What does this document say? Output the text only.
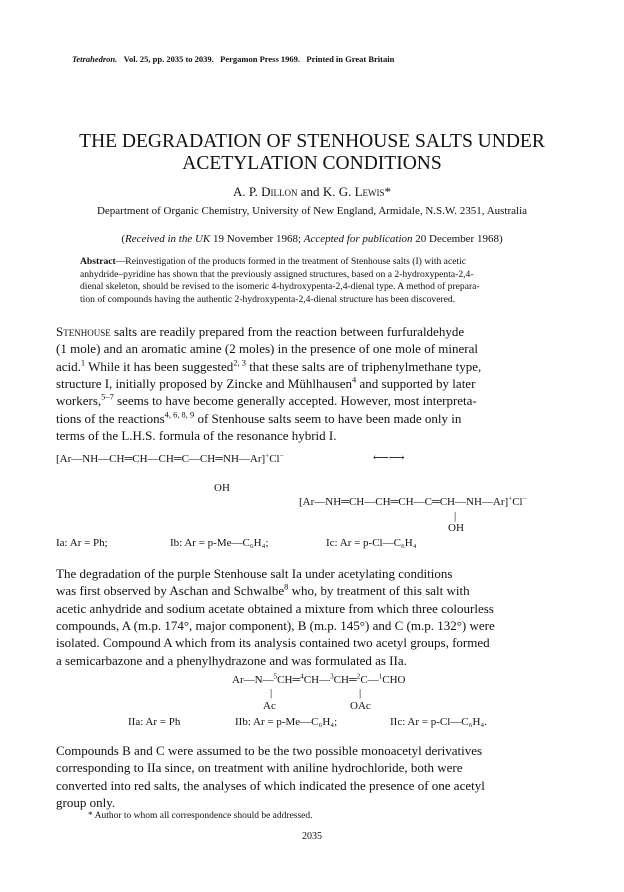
Tetrahedron. Vol. 25, pp. 2035 to 2039. Pergamon Press 1969. Printed in Great Britain
THE DEGRADATION OF STENHOUSE SALTS UNDER
ACETYLATION CONDITIONS
A. P. Dillon and K. G. Lewis*
Department of Organic Chemistry, University of New England, Armidale, N.S.W. 2351, Australia
(Received in the UK 19 November 1968; Accepted for publication 20 December 1968)
Abstract—Reinvestigation of the products formed in the treatment of Stenhouse salts (I) with acetic
anhydride–pyridine has shown that the previously assigned structures, based on a 2-hydroxypenta-2,4-
dienal skeleton, should be revised to the isomeric 4-hydroxypenta-2,4-dienal type. A method of prepara-
tion of compounds having the authentic 2-hydroxypenta-2,4-dienal structure has been discovered.
Stenhouse salts are readily prepared from the reaction between furfuraldehyde
(1 mole) and an aromatic amine (2 moles) in the presence of one mole of mineral
acid.$^1$ While it has been suggested$^{2, 3}$ that these salts are of triphenylmethane type,
structure I, initially proposed by Zincke and Mühlhausen$^4$ and supported by later
workers,$^{5-7}$ seems to have become generally accepted. However, most interpreta-
tions of the reactions$^{4, 6, 8, 9}$ of Stenhouse salts seem to have been made only in
terms of the L.H.S. formula of the resonance hybrid I.
[Ar—NH—CH═CH—CH═C—CH═NH—Ar]+Cl−	⟵⟶
OH
[Ar—NH═CH—CH═CH—C═CH—NH—Ar]+Cl−
|
OH
Ia: Ar = Ph;	Ib: Ar = p-Me—C₆H₄;	Ic: Ar = p-Cl—C₆H₄
The degradation of the purple Stenhouse salt Ia under acetylating conditions
was first observed by Aschan and Schwalbe$^8$ who, by treatment of this salt with
acetic anhydride and sodium acetate obtained a mixture from which three colourless
compounds, A (m.p. 174°, major component), B (m.p. 145°) and C (m.p. 132°) were
isolated. Compound A which from its analysis contained two acetyl groups, formed
a semicarbazone and a phenylhydrazone and was formulated as IIa.
Ar—N—$^5$CH═$^4$CH—$^3$CH═$^2$C—$^1$CHO
|	|
Ac	OAc
IIa: Ar = Ph	IIb: Ar = p-Me—C₆H₄;	IIc: Ar = p-Cl—C₆H₄.
Compounds B and C were assumed to be the two possible monoacetyl derivatives
corresponding to IIa since, on treatment with aniline hydrochloride, both were
converted into red salts, the analyses of which indicated the presence of one acetyl
group only.
* Author to whom all correspondence should be addressed.
2035
